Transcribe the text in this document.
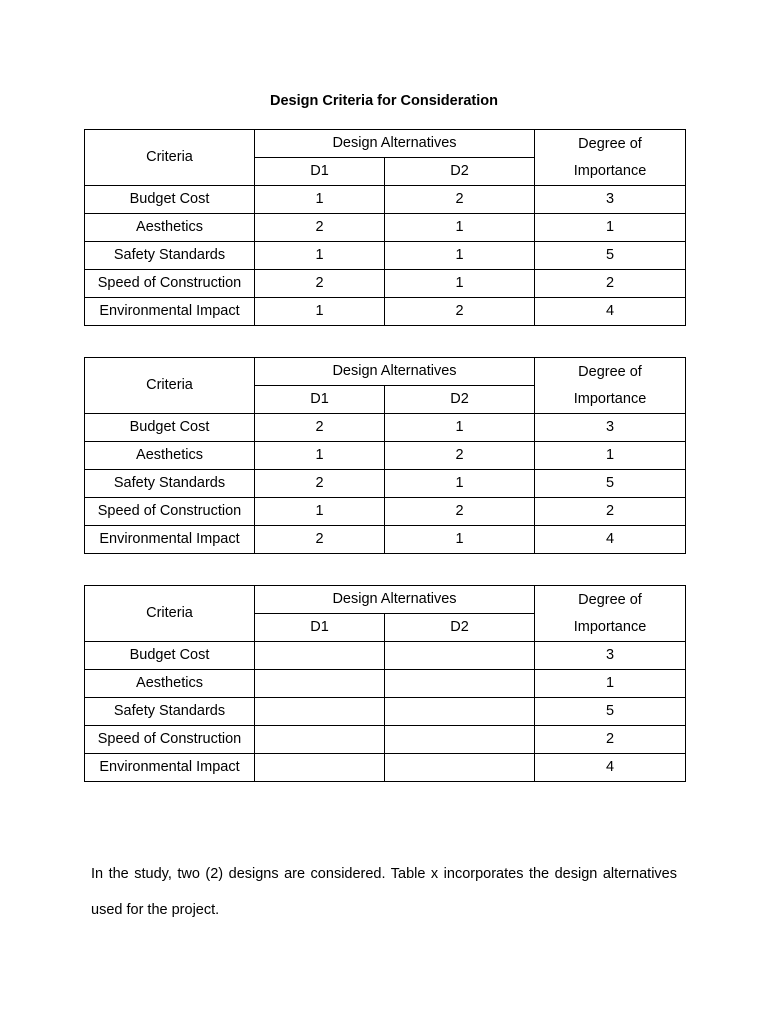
Design Criteria for Consideration
Criteria	Design Alternatives		Degree of
Importance

	D1	D2	
Budget Cost	1	2	3
Aesthetics	2	1	1
Safety Standards	1	1	5
Speed of Construction	2	1	2
Environmental Impact	1	2	4
Criteria	Design Alternatives		Degree of
Importance

	D1	D2	
Budget Cost	2	1	3
Aesthetics	1	2	1
Safety Standards	2	1	5
Speed of Construction	1	2	2
Environmental Impact	2	1	4
Criteria	Design Alternatives		Degree of
Importance

	D1	D2	
Budget Cost			3
Aesthetics			1
Safety Standards			5
Speed of Construction			2
Environmental Impact			4

In the study, two (2) designs are considered. Table x incorporates the design alternatives used for the project.
